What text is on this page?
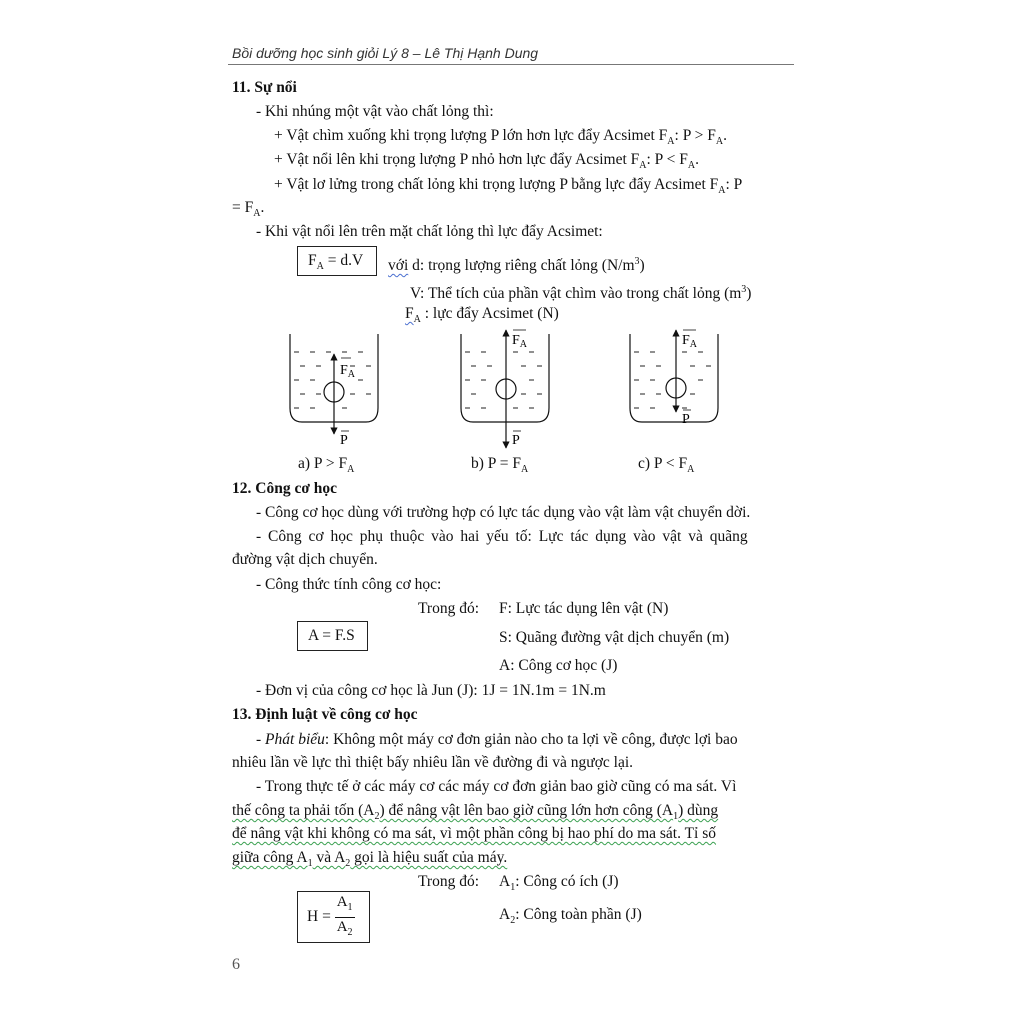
Bồi dưỡng học sinh giỏi Lý 8 – Lê Thị Hạnh Dung
11. Sự nổi
- Khi nhúng một vật vào chất lỏng thì:
+ Vật chìm xuống khi trọng lượng P lớn hơn lực đẩy Acsimet $F_A$: $P > F_A$.
+ Vật nổi lên khi trọng lượng P nhỏ hơn lực đẩy Acsimet $F_A$: $P < F_A$.
+ Vật lơ lửng trong chất lỏng khi trọng lượng P bằng lực đẩy Acsimet $F_A$: P
= $F_A$.
- Khi vật nổi lên trên mặt chất lỏng thì lực đẩy Acsimet:
$F_A = d.V$ với d: trọng lượng riêng chất lỏng $(N/m^3)$
V: Thể tích của phần vật chìm vào trong chất lỏng $(m^3)$
$F_A$ : lực đẩy Acsimet (N)
$F_A$
P
$F_A$
P
$F_A$
P
a) $P > F_A$	b) $P = F_A$	c) $P < F_A$
12. Công cơ học
- Công cơ học dùng với trường hợp có lực tác dụng vào vật làm vật chuyển dời.
- Công cơ học phụ thuộc vào hai yếu tố: Lực tác dụng vào vật và quãng
đường vật dịch chuyển.
- Công thức tính công cơ học:
Trong đó: F: Lực tác dụng lên vật (N)
A = F.S	S: Quãng đường vật dịch chuyển (m)
A: Công cơ học (J)
- Đơn vị của công cơ học là Jun (J): 1J = 1N.1m = 1N.m
13. Định luật về công cơ học
- Phát biểu: Không một máy cơ đơn giản nào cho ta lợi về công, được lợi bao
nhiêu lần về lực thì thiệt bấy nhiêu lần về đường đi và ngược lại.
- Trong thực tế ở các máy cơ các máy cơ đơn giản bao giờ cũng có ma sát. Vì
thế công ta phải tốn $(A_2)$ để nâng vật lên bao giờ cũng lớn hơn công $(A_1)$ dùng
để nâng vật khi không có ma sát, vì một phần công bị hao phí do ma sát. Tỉ số
giữa công $A_1$ và $A_2$ gọi là hiệu suất của máy.
Trong đó: $A_1$: Công có ích (J)
H =
$\frac{A_1}{A_2}$	$A_2$: Công toàn phần (J)
6
